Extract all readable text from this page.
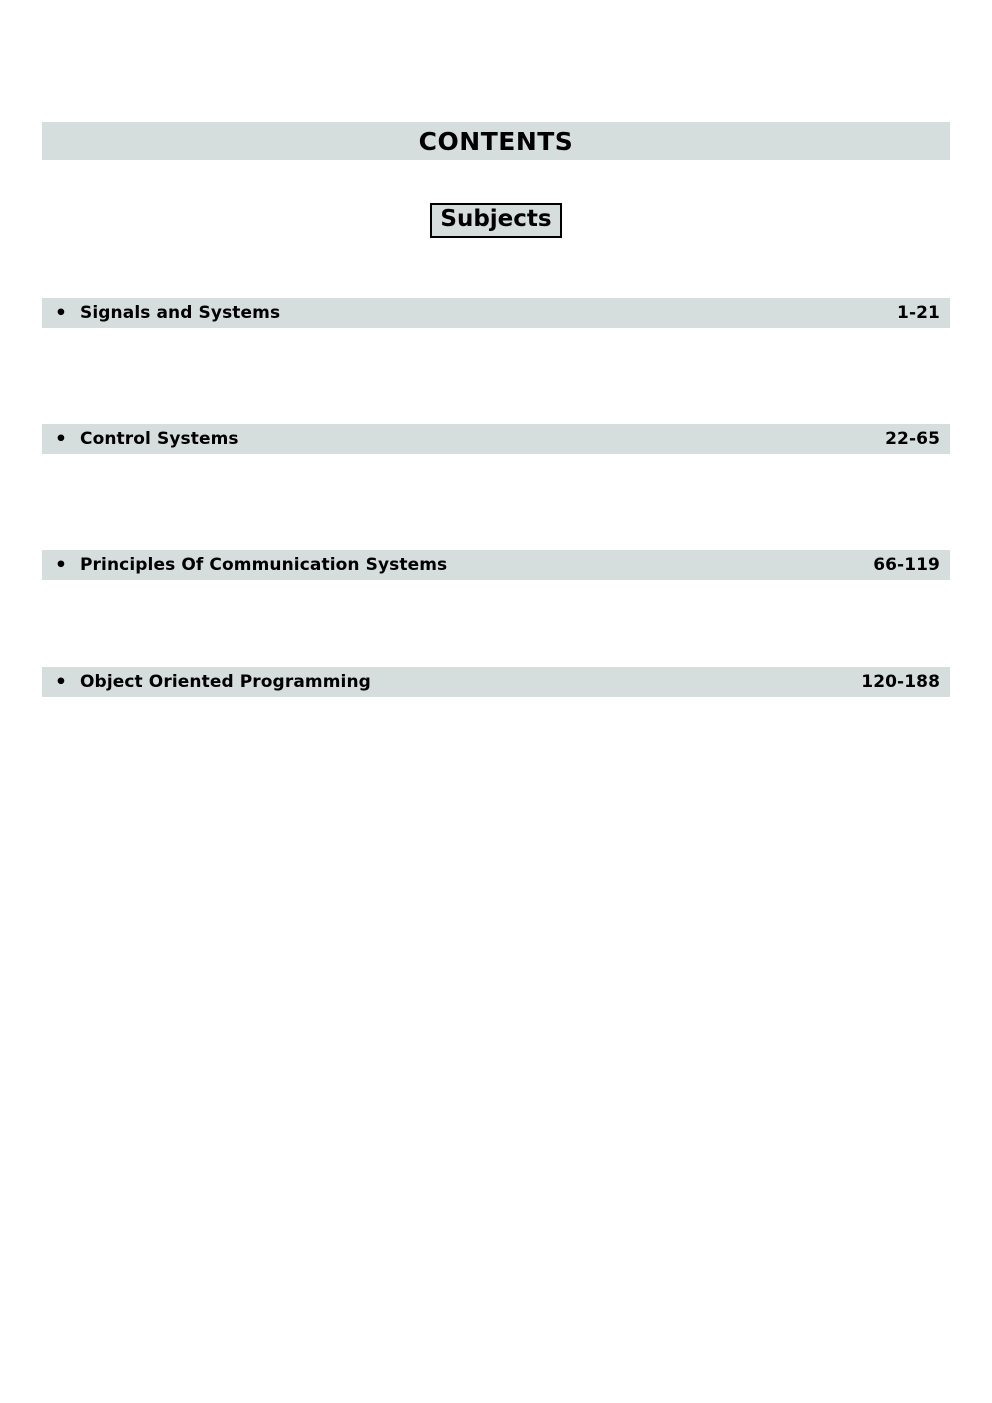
CONTENTS
Subjects
• Signals and Systems	1-21
• Control Systems	22-65
• Principles Of Communication Systems	66-119
• Object Oriented Programming	120-188
